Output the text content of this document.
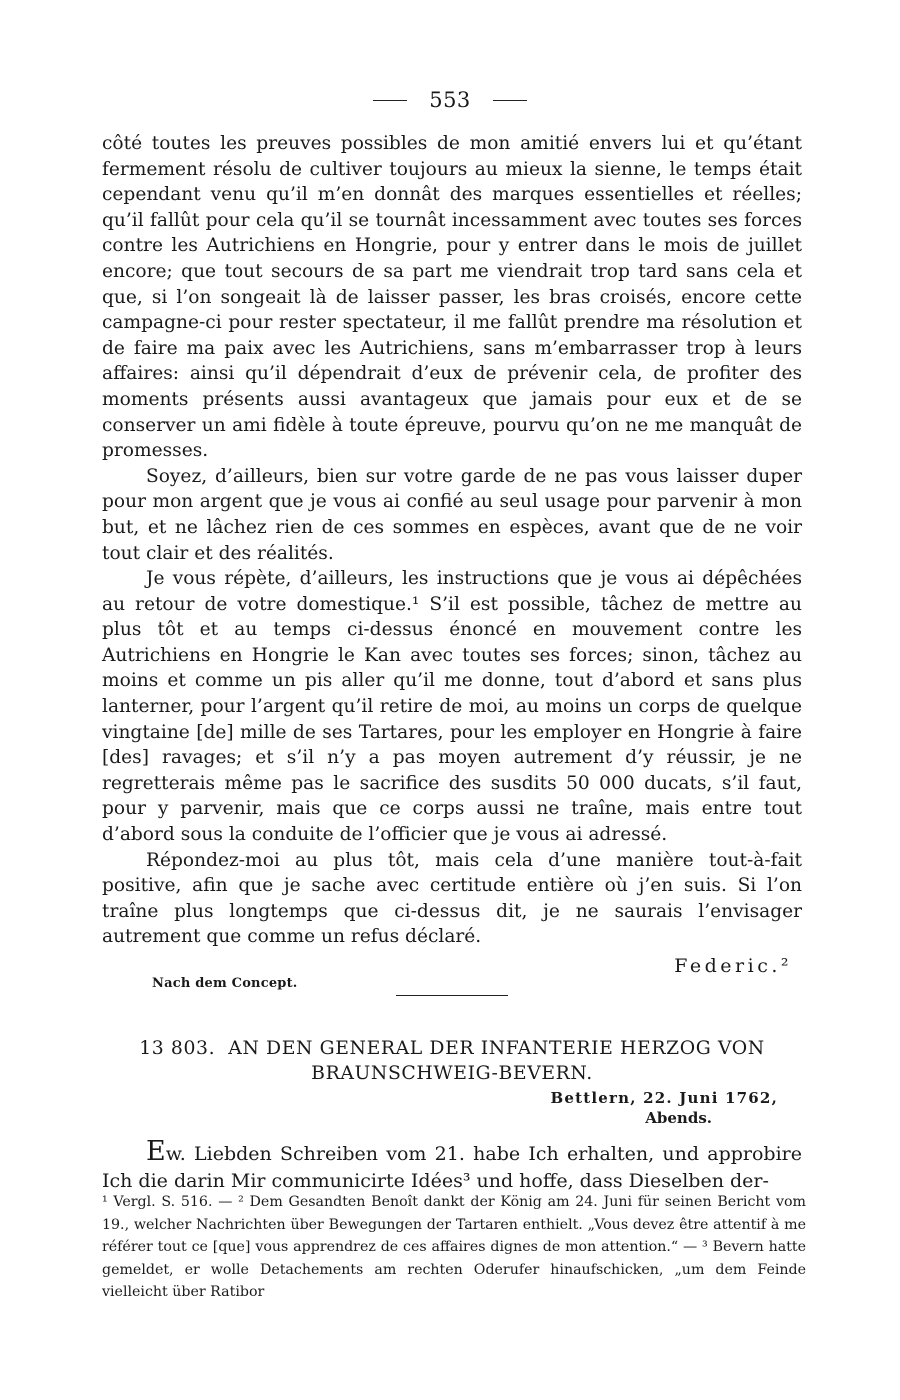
553

côté toutes les preuves possibles de mon amitié envers lui et qu’étant fermement résolu de cultiver toujours au mieux la sienne, le temps était cependant venu qu’il m’en donnât des marques essentielles et réelles; qu’il fallût pour cela qu’il se tournât incessamment avec toutes ses forces contre les Autrichiens en Hongrie, pour y entrer dans le mois de juillet encore; que tout secours de sa part me viendrait trop tard sans cela et que, si l’on songeait là de laisser passer, les bras croisés, encore cette campagne-ci pour rester spectateur, il me fallût prendre ma résolution et de faire ma paix avec les Autrichiens, sans m’embarrasser trop à leurs affaires: ainsi qu’il dépendrait d’eux de prévenir cela, de profiter des moments présents aussi avantageux que jamais pour eux et de se conserver un ami fidèle à toute épreuve, pourvu qu’on ne me manquât de promesses.

Soyez, d’ailleurs, bien sur votre garde de ne pas vous laisser duper pour mon argent que je vous ai confié au seul usage pour parvenir à mon but, et ne lâchez rien de ces sommes en espèces, avant que de ne voir tout clair et des réalités.

Je vous répète, d’ailleurs, les instructions que je vous ai dépêchées au retour de votre domestique.¹ S’il est possible, tâchez de mettre au plus tôt et au temps ci-dessus énoncé en mouvement contre les Autrichiens en Hongrie le Kan avec toutes ses forces; sinon, tâchez au moins et comme un pis aller qu’il me donne, tout d’abord et sans plus lanterner, pour l’argent qu’il retire de moi, au moins un corps de quelque vingtaine [de] mille de ses Tartares, pour les employer en Hongrie à faire [des] ravages; et s’il n’y a pas moyen autrement d’y réussir, je ne regretterais même pas le sacrifice des susdits 50 000 ducats, s’il faut, pour y parvenir, mais que ce corps aussi ne traîne, mais entre tout d’abord sous la conduite de l’officier que je vous ai adressé.

Répondez-moi au plus tôt, mais cela d’une manière tout-à-fait positive, afin que je sache avec certitude entière où j’en suis. Si l’on traîne plus longtemps que ci-dessus dit, je ne saurais l’envisager autrement que comme un refus déclaré.

Nach dem Concept.
Federic.²
13 803. AN DEN GENERAL DER INFANTERIE HERZOG VON
BRAUNSCHWEIG-BEVERN.
Bettlern, 22. Juni 1762,
Abends.

Ew. Liebden Schreiben vom 21. habe Ich erhalten, und approbire Ich die darin Mir communicirte Idées³ und hoffe, dass Dieselben der-

¹ Vergl. S. 516. — ² Dem Gesandten Benoît dankt der König am 24. Juni für seinen Bericht vom 19., welcher Nachrichten über Bewegungen der Tartaren enthielt. „Vous devez être attentif à me référer tout ce [que] vous apprendrez de ces affaires dignes de mon attention.“ — ³ Bevern hatte gemeldet, er wolle Detachements am rechten Oderufer hinaufschicken, „um dem Feinde vielleicht über Ratibor
